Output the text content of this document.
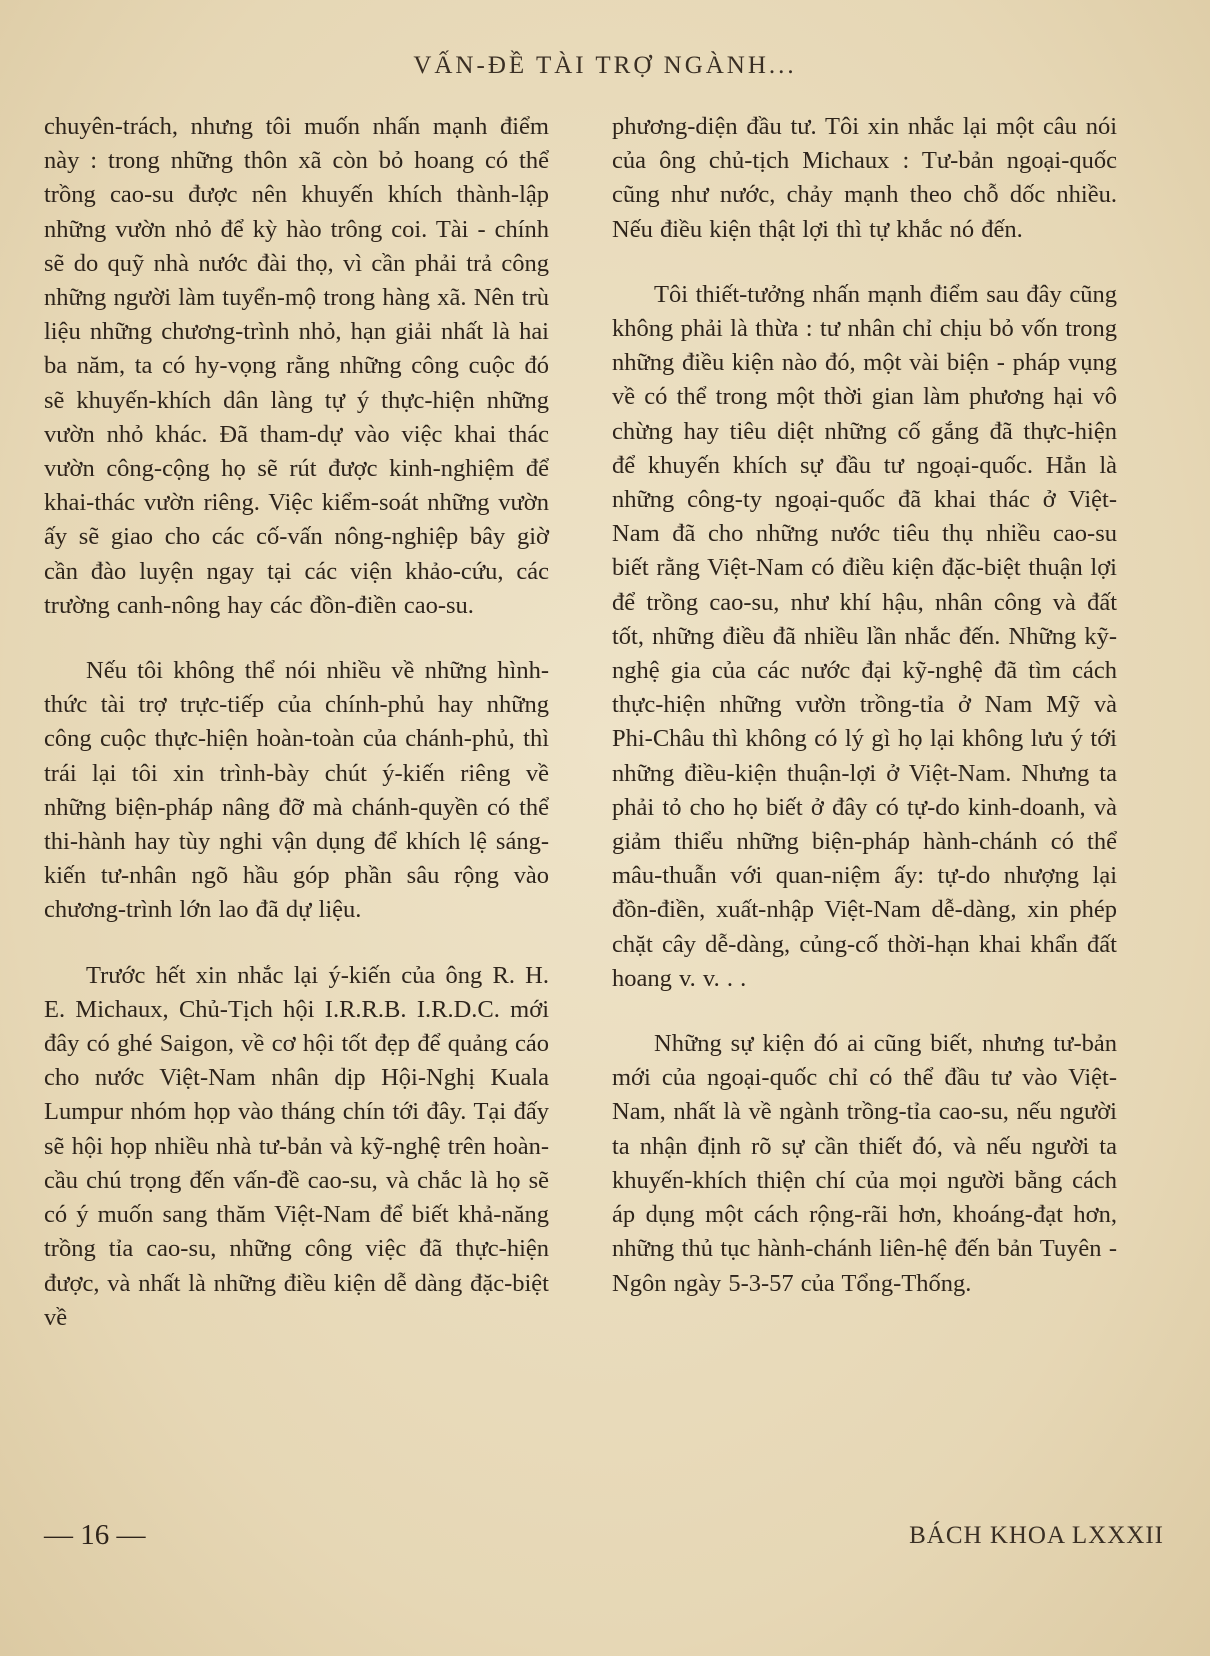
VẤN-ĐỀ TÀI TRỢ NGÀNH...

chuyên-trách, nhưng tôi muốn nhấn mạnh điểm này : trong những thôn xã còn bỏ hoang có thể trồng cao-su được nên khuyến khích thành-lập những vườn nhỏ để kỳ hào trông coi. Tài - chính sẽ do quỹ nhà nước đài thọ, vì cần phải trả công những người làm tuyển-mộ trong hàng xã. Nên trù liệu những chương-trình nhỏ, hạn giải nhất là hai ba năm, ta có hy-vọng rằng những công cuộc đó sẽ khuyến-khích dân làng tự ý thực-hiện những vườn nhỏ khác. Đã tham-dự vào việc khai thác vườn công-cộng họ sẽ rút được kinh-nghiệm để khai-thác vườn riêng. Việc kiểm-soát những vườn ấy sẽ giao cho các cố-vấn nông-nghiệp bây giờ cần đào luyện ngay tại các viện khảo-cứu, các trường canh-nông hay các đồn-điền cao-su.

Nếu tôi không thể nói nhiều về những hình-thức tài trợ trực-tiếp của chính-phủ hay những công cuộc thực-hiện hoàn-toàn của chánh-phủ, thì trái lại tôi xin trình-bày chút ý-kiến riêng về những biện-pháp nâng đỡ mà chánh-quyền có thể thi-hành hay tùy nghi vận dụng để khích lệ sáng-kiến tư-nhân ngõ hầu góp phần sâu rộng vào chương-trình lớn lao đã dự liệu.

Trước hết xin nhắc lại ý-kiến của ông R. H. E. Michaux, Chủ-Tịch hội I.R.R.B. I.R.D.C. mới đây có ghé Saigon, về cơ hội tốt đẹp để quảng cáo cho nước Việt-Nam nhân dịp Hội-Nghị Kuala Lumpur nhóm họp vào tháng chín tới đây. Tại đấy sẽ hội họp nhiều nhà tư-bản và kỹ-nghệ trên hoàn-cầu chú trọng đến vấn-đề cao-su, và chắc là họ sẽ có ý muốn sang thăm Việt-Nam để biết khả-năng trồng tỉa cao-su, những công việc đã thực-hiện được, và nhất là những điều kiện dễ dàng đặc-biệt về

phương-diện đầu tư. Tôi xin nhắc lại một câu nói của ông chủ-tịch Michaux : Tư-bản ngoại-quốc cũng như nước, chảy mạnh theo chỗ dốc nhiều. Nếu điều kiện thật lợi thì tự khắc nó đến.

Tôi thiết-tưởng nhấn mạnh điểm sau đây cũng không phải là thừa : tư nhân chỉ chịu bỏ vốn trong những điều kiện nào đó, một vài biện - pháp vụng về có thể trong một thời gian làm phương hại vô chừng hay tiêu diệt những cố gắng đã thực-hiện để khuyến khích sự đầu tư ngoại-quốc. Hẳn là những công-ty ngoại-quốc đã khai thác ở Việt-Nam đã cho những nước tiêu thụ nhiều cao-su biết rằng Việt-Nam có điều kiện đặc-biệt thuận lợi để trồng cao-su, như khí hậu, nhân công và đất tốt, những điều đã nhiều lần nhắc đến. Những kỹ-nghệ gia của các nước đại kỹ-nghệ đã tìm cách thực-hiện những vườn trồng-tỉa ở Nam Mỹ và Phi-Châu thì không có lý gì họ lại không lưu ý tới những điều-kiện thuận-lợi ở Việt-Nam. Nhưng ta phải tỏ cho họ biết ở đây có tự-do kinh-doanh, và giảm thiểu những biện-pháp hành-chánh có thể mâu-thuẫn với quan-niệm ấy: tự-do nhượng lại đồn-điền, xuất-nhập Việt-Nam dễ-dàng, xin phép chặt cây dễ-dàng, củng-cố thời-hạn khai khẩn đất hoang v. v. . .

Những sự kiện đó ai cũng biết, nhưng tư-bản mới của ngoại-quốc chỉ có thể đầu tư vào Việt-Nam, nhất là về ngành trồng-tỉa cao-su, nếu người ta nhận định rõ sự cần thiết đó, và nếu người ta khuyến-khích thiện chí của mọi người bằng cách áp dụng một cách rộng-rãi hơn, khoáng-đạt hơn, những thủ tục hành-chánh liên-hệ đến bản Tuyên - Ngôn ngày 5-3-57 của Tổng-Thống.

— 16 —	BÁCH KHOA LXXXII
